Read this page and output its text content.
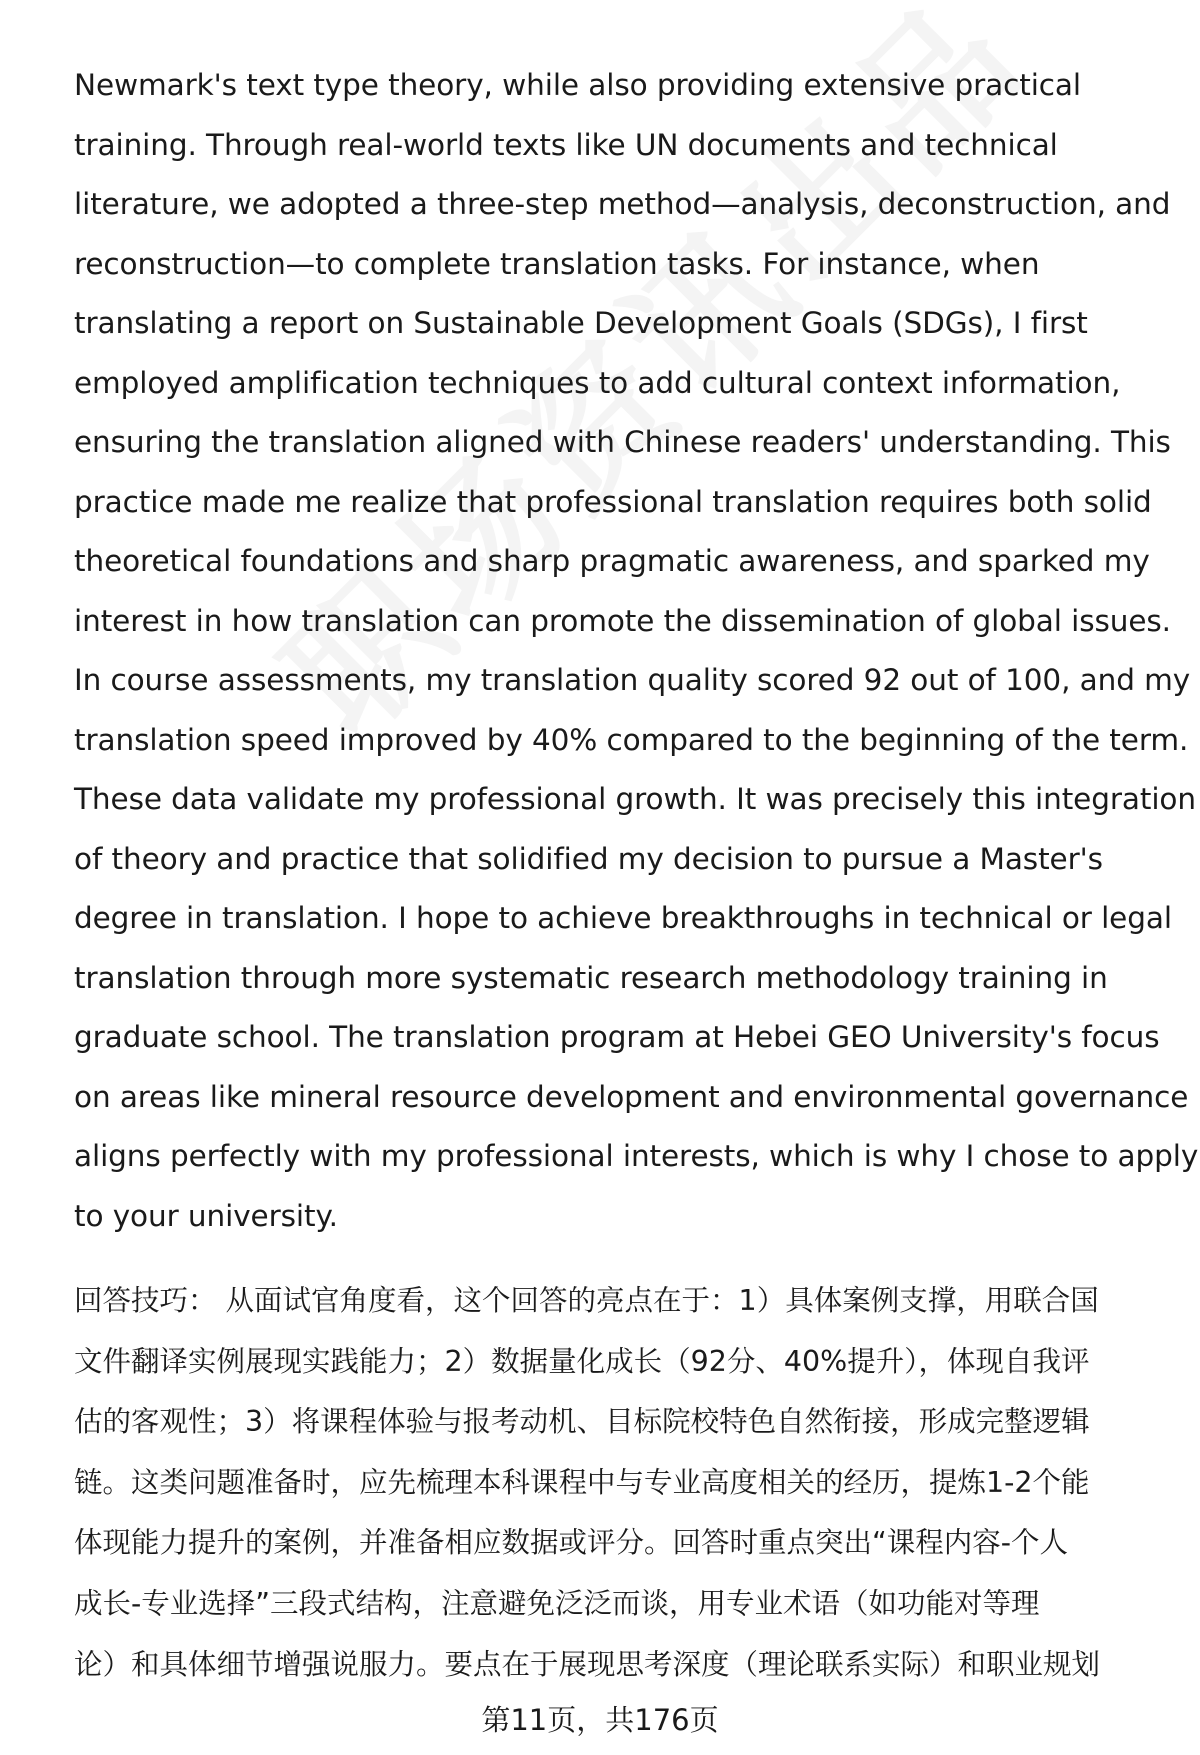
Newmark's text type theory, while also providing extensive practical
training. Through real-world texts like UN documents and technical
literature, we adopted a three-step method—analysis, deconstruction, and
reconstruction—to complete translation tasks. For instance, when
translating a report on Sustainable Development Goals (SDGs), I first
employed amplification techniques to add cultural context information,
ensuring the translation aligned with Chinese readers' understanding. This
practice made me realize that professional translation requires both solid
theoretical foundations and sharp pragmatic awareness, and sparked my
interest in how translation can promote the dissemination of global issues.
In course assessments, my translation quality scored 92 out of 100, and my
translation speed improved by 40% compared to the beginning of the term.
These data validate my professional growth. It was precisely this integration
of theory and practice that solidified my decision to pursue a Master's
degree in translation. I hope to achieve breakthroughs in technical or legal
translation through more systematic research methodology training in
graduate school. The translation program at Hebei GEO University's focus
on areas like mineral resource development and environmental governance
aligns perfectly with my professional interests, which is why I chose to apply
to your university.
回答技巧： 从面试官角度看，这个回答的亮点在于：1）具体案例支撑，用联合国
文件翻译实例展现实践能力；2）数据量化成长（92分、40%提升），体现自我评
估的客观性；3）将课程体验与报考动机、目标院校特色自然衔接，形成完整逻辑
链。这类问题准备时，应先梳理本科课程中与专业高度相关的经历，提炼1-2个能
体现能力提升的案例，并准备相应数据或评分。回答时重点突出“课程内容-个人
成长-专业选择”三段式结构，注意避免泛泛而谈，用专业术语（如功能对等理
论）和具体细节增强说服力。要点在于展现思考深度（理论联系实际）和职业规划
第11页，共176页
